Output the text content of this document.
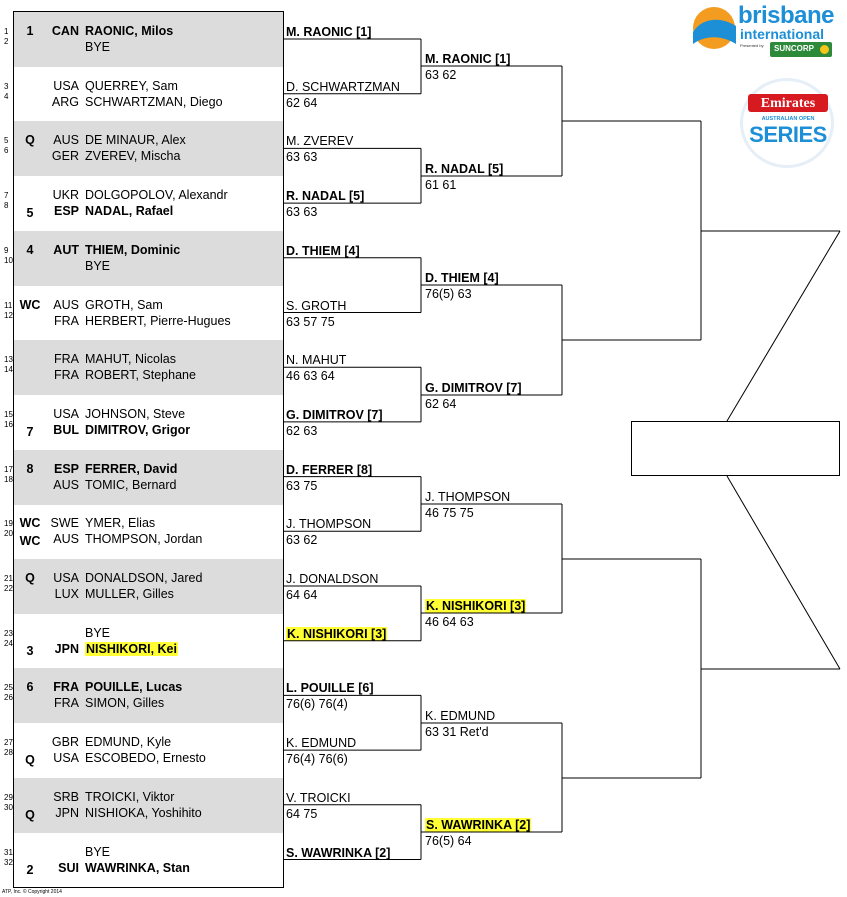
1
2
1	CAN RAONIC, Milos
BYE
3
4
USA QUERREY, Sam
ARG SCHWARTZMAN, Diego
5
6
Q	AUS DE MINAUR, Alex
GER ZVEREV, Mischa
7
8
UKR DOLGOPOLOV, Alexandr
5	ESP NADAL, Rafael
9
10
4	AUT THIEM, Dominic
BYE
11
12
WC	AUS GROTH, Sam
FRA HERBERT, Pierre-Hugues
13
14
FRA MAHUT, Nicolas
FRA ROBERT, Stephane
15
16
USA JOHNSON, Steve
7	BUL DIMITROV, Grigor
17
18
8	ESP FERRER, David
AUS TOMIC, Bernard
19
20
WC SWE YMER, Elias
WC	AUS THOMPSON, Jordan
21
22
Q	USA DONALDSON, Jared
LUX MULLER, Gilles
23
24
BYE
3	JPN NISHIKORI, Kei
25
26
6	FRA POUILLE, Lucas
FRA SIMON, Gilles
27
28
GBR EDMUND, Kyle
Q	USA ESCOBEDO, Ernesto
29
30
SRB TROICKI, Viktor
Q	JPN NISHIOKA, Yoshihito
31
32
BYE
2	SUI WAWRINKA, Stan
M. RAONIC [1]
D. SCHWARTZMAN
62 64
M. ZVEREV
63 63
R. NADAL [5]
63 63
D. THIEM [4]
S. GROTH
63 57 75
N. MAHUT
46 63 64
G. DIMITROV [7]
62 63
D. FERRER [8]
63 75
J. THOMPSON
63 62
J. DONALDSON
64 64
K. NISHIKORI [3]
L. POUILLE [6]
76(6) 76(4)
K. EDMUND
76(4) 76(6)
V. TROICKI
64 75
S. WAWRINKA [2]
M. RAONIC [1]
63 62
R. NADAL [5]
61 61
D. THIEM [4]
76(5) 63
G. DIMITROV [7]
62 64
J. THOMPSON
46 75 75
K. NISHIKORI [3]
46 64 63
K. EDMUND
63 31 Ret'd
S. WAWRINKA [2]
76(5) 64
brisbane
international
Presented by SUNCORP
Emirates
AUSTRALIAN OPEN
SERIES
ATP, Inc. © Copyright 2014
